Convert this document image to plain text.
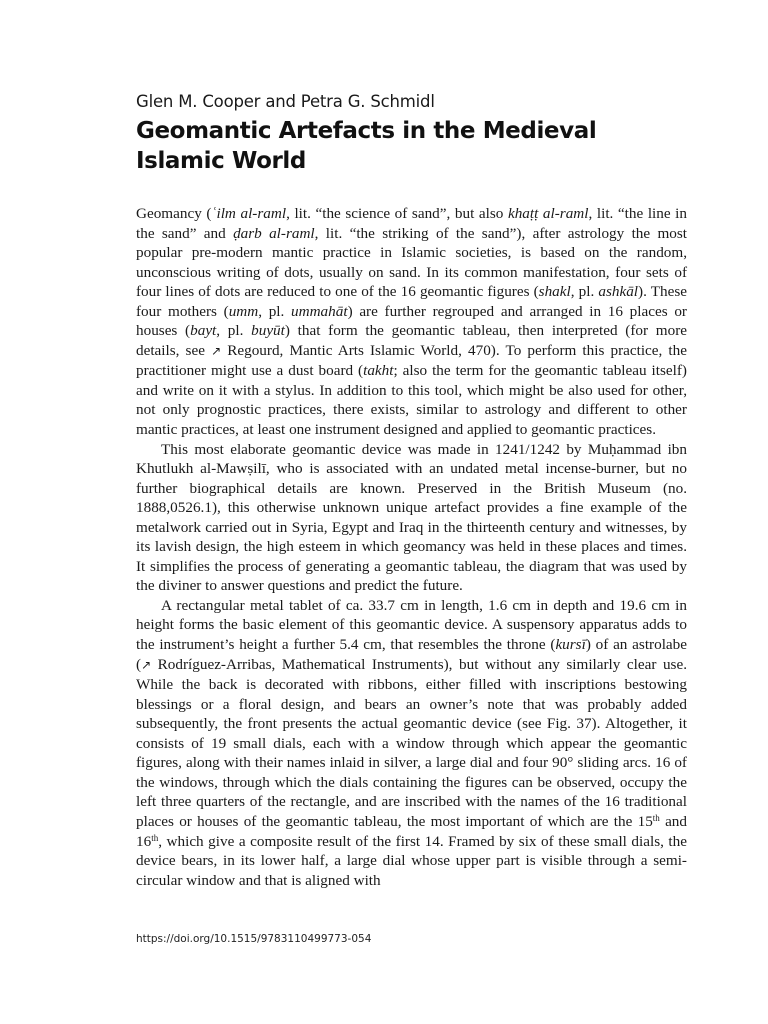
Glen M. Cooper and Petra G. Schmidl
Geomantic Artefacts in the Medieval
Islamic World

Geomancy (ʿilm al-raml, lit. “the science of sand”, but also khaṭṭ al-raml, lit. “the line in the sand” and ḍarb al-raml, lit. “the striking of the sand”), after astrology the most popular pre-modern mantic practice in Islamic societies, is based on the random, unconscious writing of dots, usually on sand. In its common manifestation, four sets of four lines of dots are reduced to one of the 16 geomantic figures (shakl, pl. ashkāl). These four mothers (umm, pl. ummahāt) are further regrouped and arranged in 16 places or houses (bayt, pl. buyūt) that form the geomantic tableau, then interpreted (for more details, see ↗ Regourd, Mantic Arts Islamic World, 470). To perform this practice, the practitioner might use a dust board (takht; also the term for the geomantic tableau itself) and write on it with a stylus. In addition to this tool, which might be also used for other, not only prognostic practices, there exists, similar to astrology and different to other mantic practices, at least one instrument designed and applied to geomantic practices.

This most elaborate geomantic device was made in 1241/1242 by Muḥammad ibn Khutlukh al-Mawṣilī, who is associated with an undated metal incense-burner, but no further biographical details are known. Preserved in the British Museum (no. 1888,0526.1), this otherwise unknown unique artefact provides a fine example of the metalwork carried out in Syria, Egypt and Iraq in the thirteenth century and witnesses, by its lavish design, the high esteem in which geomancy was held in these places and times. It simplifies the process of generating a geomantic tableau, the diagram that was used by the diviner to answer questions and predict the future.

A rectangular metal tablet of ca. 33.7 cm in length, 1.6 cm in depth and 19.6 cm in height forms the basic element of this geomantic device. A suspensory apparatus adds to the instrument’s height a further 5.4 cm, that resembles the throne (kursī) of an astrolabe (↗ Rodríguez-Arribas, Mathematical Instruments), but without any similarly clear use. While the back is decorated with ribbons, either filled with inscriptions bestowing blessings or a floral design, and bears an owner’s note that was probably added subsequently, the front presents the actual geomantic device (see Fig. 37). Altogether, it consists of 19 small dials, each with a window through which appear the geomantic figures, along with their names inlaid in silver, a large dial and four 90° sliding arcs. 16 of the windows, through which the dials containing the figures can be observed, occupy the left three quarters of the rectangle, and are inscribed with the names of the 16 traditional places or houses of the geomantic tableau, the most important of which are the 15th and 16th, which give a composite result of the first 14. Framed by six of these small dials, the device bears, in its lower half, a large dial whose upper part is visible through a semi-circular window and that is aligned with

https://doi.org/10.1515/9783110499773-054
